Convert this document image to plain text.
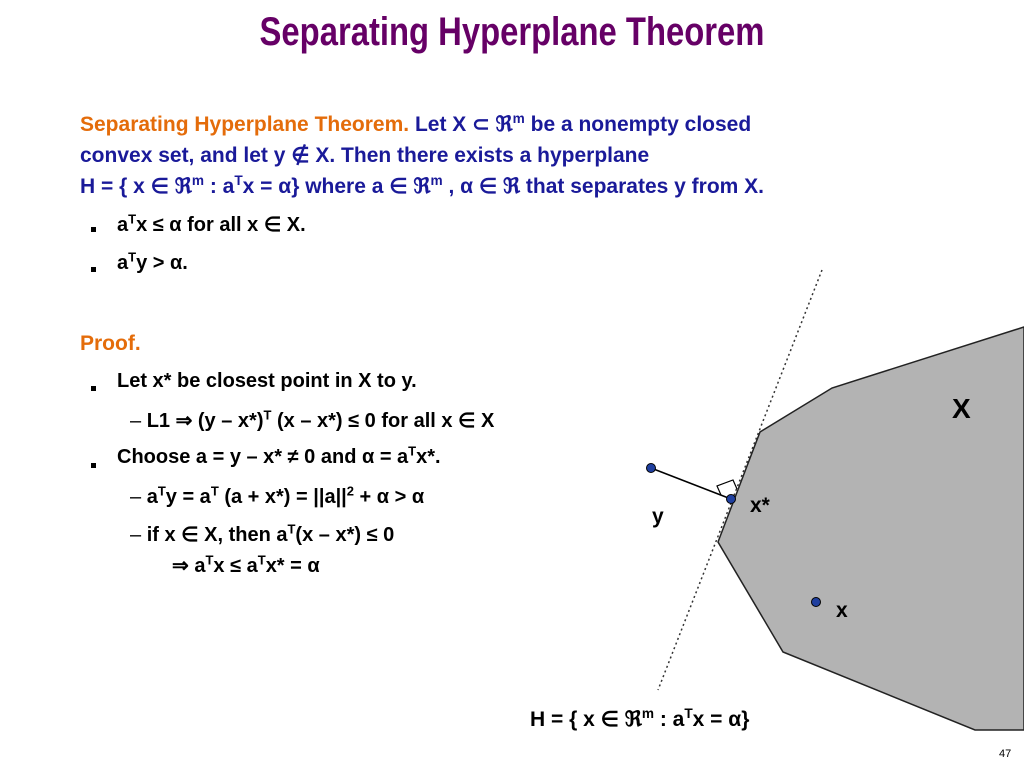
Separating Hyperplane Theorem
Separating Hyperplane Theorem. Let X ⊂ ℜ$^m$ be a nonempty closed
convex set, and let y ∉ X. Then there exists a hyperplane
H = { x ∈ ℜ$^m$ : $a^Tx = \alpha$} where a ∈ ℜ$^m$ , α ∈ ℜ that separates y from X.
$a^Tx \le \alpha$ for all x ∈ X.
$a^Ty > \alpha$.
Proof.
Let x* be closest point in X to y.
– L1 ⇒ (y – x*)$^T$ (x – x*) ≤ 0 for all x ∈ X
Choose a = y – x* ≠ 0 and $\alpha = a^Tx*$.
– $a^Ty = a^T$ $(a + x*) = ||a||^2 + \alpha > \alpha$
– if x ∈ X, then $a^T(x - x*) \le 0$
⇒ $a^Tx \le a^Tx* = \alpha$
X
y	x*
x
H = { x ∈ ℜ$^m$ : $a^Tx = \alpha$}
47
